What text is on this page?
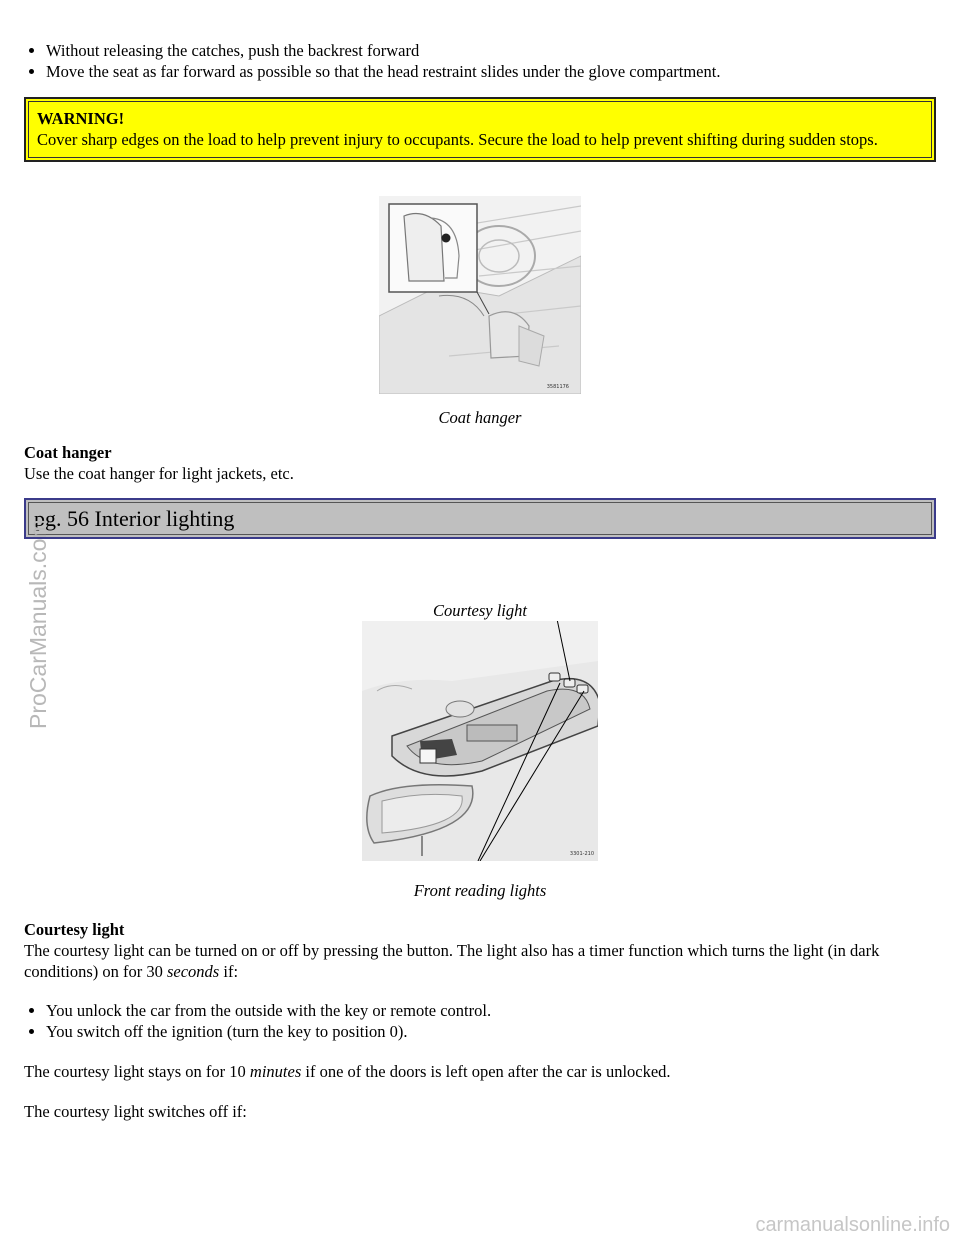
• Without releasing the catches, push the backrest forward
• Move the seat as far forward as possible so that the head restraint slides under the glove compartment.
WARNING!
Cover sharp edges on the load to help prevent injury to occupants. Secure the load to help prevent shifting during sudden stops.
3581176
Coat hanger
Coat hanger
Use the coat hanger for light jackets, etc.
pg. 56 Interior lighting
Courtesy light
3301-210
Front reading lights
Courtesy light
The courtesy light can be turned on or off by pressing the button. The light also has a timer function which turns the light (in dark conditions) on for 30 seconds if:
• You unlock the car from the outside with the key or remote control.
• You switch off the ignition (turn the key to position 0).
The courtesy light stays on for 10 minutes if one of the doors is left open after the car is unlocked.
The courtesy light switches off if:
ProCarManuals.com
carmanualsonline.info
